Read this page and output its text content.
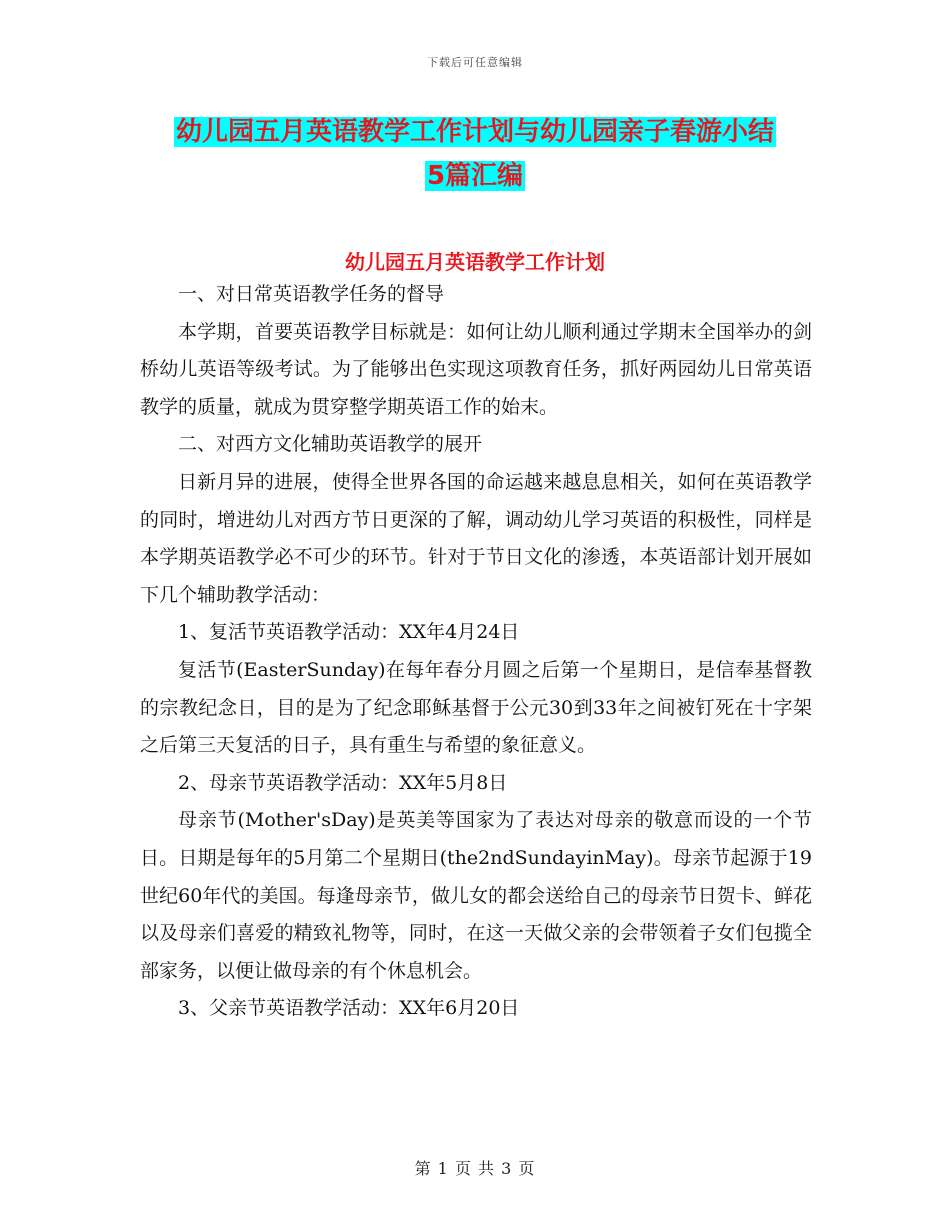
下载后可任意编辑
幼儿园五月英语教学工作计划与幼儿园亲子春游小结
5篇汇编
幼儿园五月英语教学工作计划

一、对日常英语教学任务的督导

本学期，首要英语教学目标就是：如何让幼儿顺利通过学期末全国举办的剑桥幼儿英语等级考试。为了能够出色实现这项教育任务，抓好两园幼儿日常英语教学的质量，就成为贯穿整学期英语工作的始末。

二、对西方文化辅助英语教学的展开

日新月异的进展，使得全世界各国的命运越来越息息相关，如何在英语教学的同时，增进幼儿对西方节日更深的了解，调动幼儿学习英语的积极性，同样是本学期英语教学必不可少的环节。针对于节日文化的渗透，本英语部计划开展如下几个辅助教学活动：

1、复活节英语教学活动：XX年4月24日

复活节(EasterSunday)在每年春分月圆之后第一个星期日，是信奉基督教的宗教纪念日，目的是为了纪念耶稣基督于公元30到33年之间被钉死在十字架之后第三天复活的日子，具有重生与希望的象征意义。

2、母亲节英语教学活动：XX年5月8日

母亲节(Mother'sDay)是英美等国家为了表达对母亲的敬意而设的一个节日。日期是每年的5月第二个星期日(the2ndSundayinMay)。母亲节起源于19世纪60年代的美国。每逢母亲节，做儿女的都会送给自己的母亲节日贺卡、鲜花以及母亲们喜爱的精致礼物等，同时，在这一天做父亲的会带领着子女们包揽全部家务，以便让做母亲的有个休息机会。

3、父亲节英语教学活动：XX年6月20日

第 1 页 共 3 页
